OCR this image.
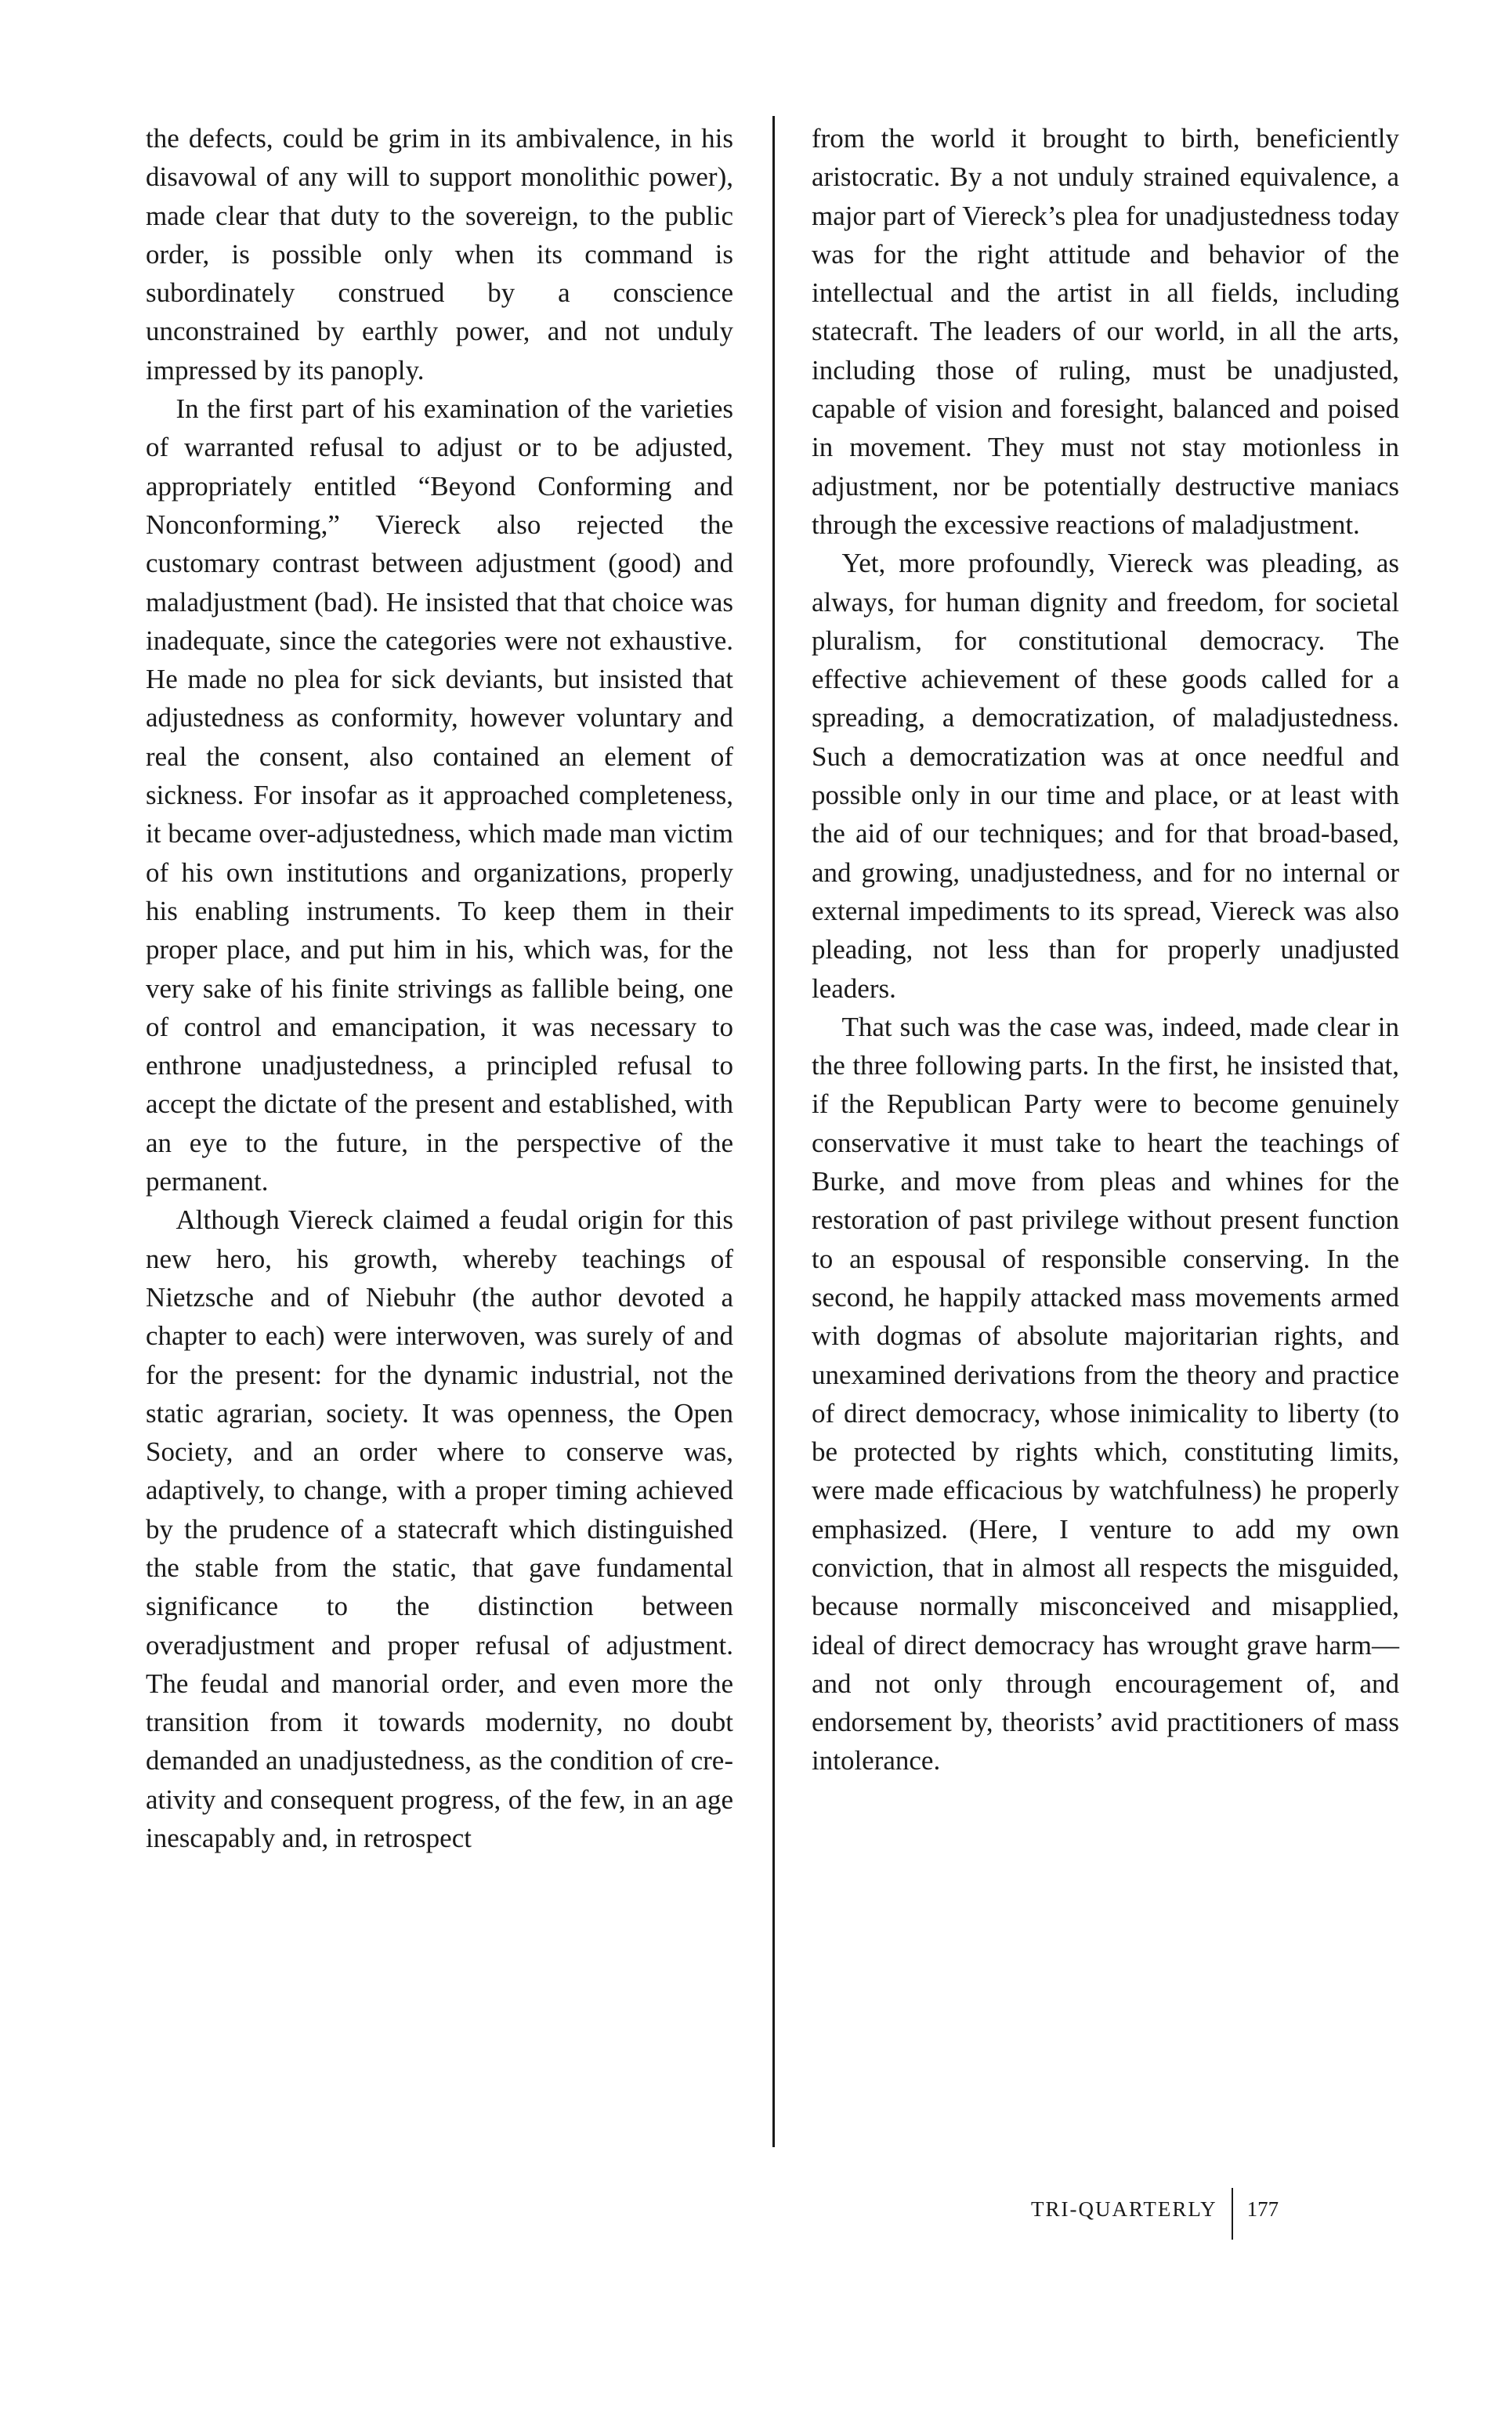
the defects, could be grim in its ambivalence, in his disavowal of any will to support monolithic power), made clear that duty to the sovereign, to the public order, is possible only when its command is subordinately construed by a conscience unconstrained by earthly power, and not unduly impressed by its panoply.

In the first part of his examination of the varieties of warranted refusal to adjust or to be adjusted, appropriately entitled “Beyond Conforming and Nonconforming,” Viereck also rejected the customary contrast between adjustment (good) and maladjustment (bad). He insisted that that choice was inadequate, since the categories were not exhaustive. He made no plea for sick deviants, but insisted that adjustedness as conformity, however voluntary and real the consent, also contained an element of sickness. For insofar as it approached completeness, it became over-adjustedness, which made man victim of his own institutions and organizations, properly his enabling instruments. To keep them in their proper place, and put him in his, which was, for the very sake of his finite strivings as fallible being, one of control and emancipation, it was necessary to enthrone unadjustedness, a principled refusal to accept the dictate of the present and established, with an eye to the future, in the perspective of the permanent.

Although Viereck claimed a feudal origin for this new hero, his growth, whereby teachings of Nietzsche and of Niebuhr (the author devoted a chapter to each) were interwoven, was surely of and for the present: for the dynamic industrial, not the static agrarian, society. It was openness, the Open Society, and an order where to conserve was, adaptively, to change, with a proper timing achieved by the prudence of a statecraft which distinguished the stable from the static, that gave fundamental significance to the distinction between overadjustment and proper refusal of adjustment. The feudal and manorial order, and even more the transition from it towards modernity, no doubt demanded an unadjustedness, as the condition of creativity and consequent progress, of the few, in an age inescapably and, in retrospect

from the world it brought to birth, beneficiently aristocratic. By a not unduly strained equivalence, a major part of Viereck’s plea for unadjustedness today was for the right attitude and behavior of the intellectual and the artist in all fields, including statecraft. The leaders of our world, in all the arts, including those of ruling, must be unadjusted, capable of vision and foresight, balanced and poised in movement. They must not stay motionless in adjustment, nor be potentially destructive maniacs through the excessive reactions of maladjustment.

Yet, more profoundly, Viereck was pleading, as always, for human dignity and freedom, for societal pluralism, for constitutional democracy. The effective achievement of these goods called for a spreading, a democratization, of maladjustedness. Such a democratization was at once needful and possible only in our time and place, or at least with the aid of our techniques; and for that broad-based, and growing, unadjustedness, and for no internal or external impediments to its spread, Viereck was also pleading, not less than for properly unadjusted leaders.

That such was the case was, indeed, made clear in the three following parts. In the first, he insisted that, if the Republican Party were to become genuinely conservative it must take to heart the teachings of Burke, and move from pleas and whines for the restoration of past privilege without present function to an espousal of responsible conserving. In the second, he happily attacked mass movements armed with dogmas of absolute majoritarian rights, and unexamined derivations from the theory and practice of direct democracy, whose inimicality to liberty (to be protected by rights which, constituting limits, were made efficacious by watchfulness) he properly emphasized. (Here, I venture to add my own conviction, that in almost all respects the misguided, because normally misconceived and misapplied, ideal of direct democracy has wrought grave harm—and not only through encouragement of, and endorsement by, theorists’ avid practitioners of mass intolerance.

TRI-QUARTERLY	177
